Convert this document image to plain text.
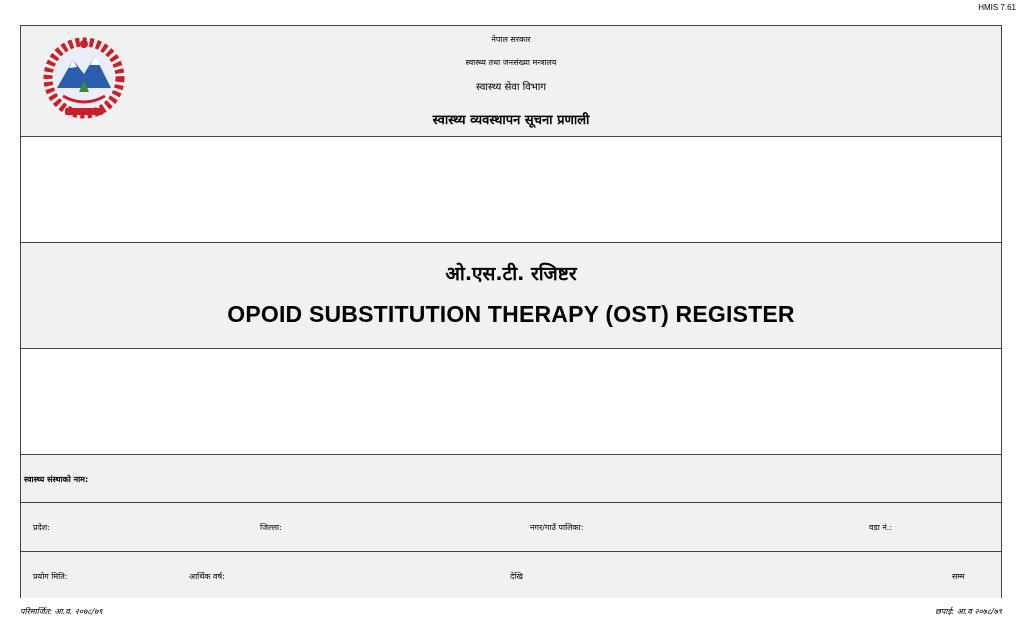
HMIS 7.61
नेपाल सरकार
स्वास्थ्य तथा जनसंख्या मन्त्रालय
स्वास्थ्य सेवा विभाग
स्वास्थ्य व्यवस्थापन सूचना प्रणाली
ओ.एस.टी. रजिष्टर
OPOID SUBSTITUTION THERAPY (OST) REGISTER
स्वास्थ्य संस्थाको नाम:
प्रदेश:	जिल्ला:	नगर/गाउँ पालिका:	वडा नं.:
प्रयोग मिति:	आर्थिक वर्ष:	देखि	सम्म
परिमार्जित: आ.व. २०७८/७९	छपाई: आ.व २०७८/७९
